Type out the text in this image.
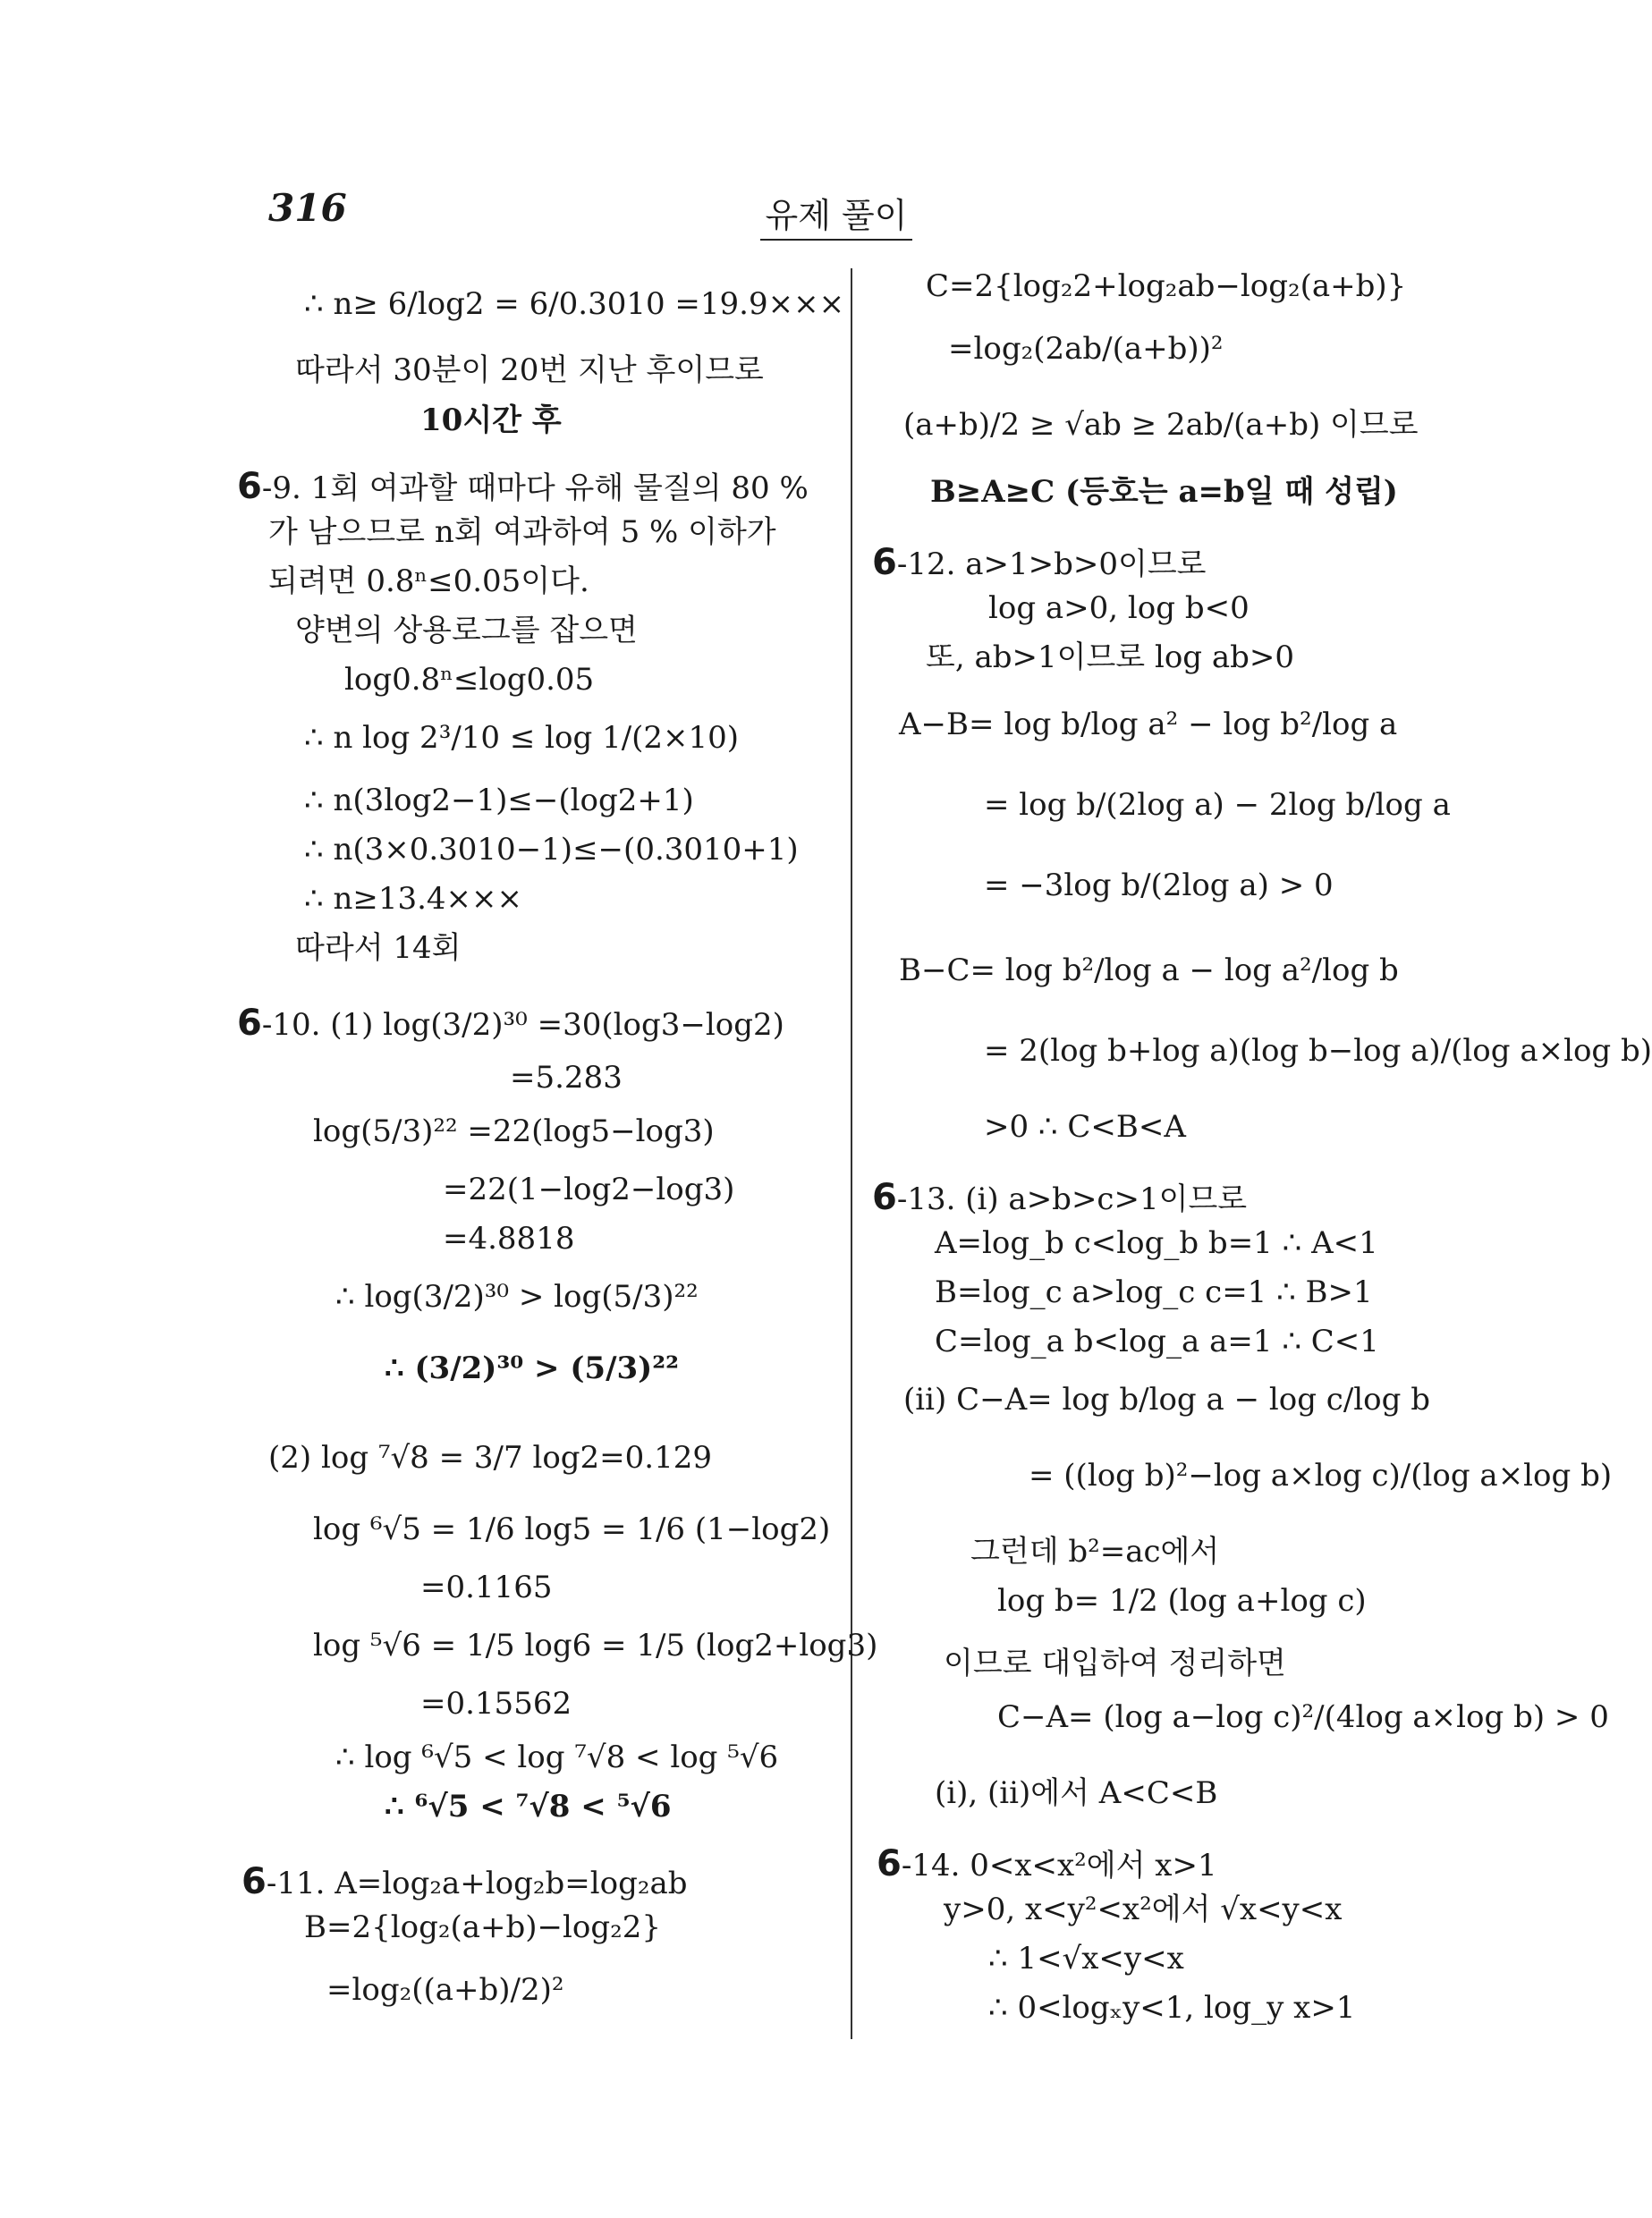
316	유제 풀이
∴ n≥ 6/log2 = 6/0.3010 =19.9×××
따라서 30분이 20번 지난 후이므로
10시간 후
6-9. 1회 여과할 때마다 유해 물질의 80 %
가 남으므로 n회 여과하여 5 % 이하가
되려면 0.8ⁿ≤0.05이다.
양변의 상용로그를 잡으면
log0.8ⁿ≤log0.05
∴ n log 2³/10 ≤ log 1/(2×10)
∴ n(3log2−1)≤−(log2+1)
∴ n(3×0.3010−1)≤−(0.3010+1)
∴ n≥13.4×××
따라서 14회
6-10. (1) log(3/2)³⁰ =30(log3−log2)
=5.283
log(5/3)²² =22(log5−log3)
=22(1−log2−log3)
=4.8818
∴ log(3/2)³⁰ > log(5/3)²²
∴ (3/2)³⁰ > (5/3)²²
(2) log ⁷√8 = 3/7 log2=0.129
log ⁶√5 = 1/6 log5 = 1/6 (1−log2)
=0.1165
log ⁵√6 = 1/5 log6 = 1/5 (log2+log3)
=0.15562
∴ log ⁶√5 < log ⁷√8 < log ⁵√6
∴ ⁶√5 < ⁷√8 < ⁵√6
6-11. A=log₂a+log₂b=log₂ab
B=2{log₂(a+b)−log₂2}
=log₂((a+b)/2)²
C=2{log₂2+log₂ab−log₂(a+b)}
=log₂(2ab/(a+b))²
(a+b)/2 ≥ √ab ≥ 2ab/(a+b) 이므로
B≥A≥C (등호는 a=b일 때 성립)
6-12. a>1>b>0이므로
log a>0, log b<0
또, ab>1이므로 log ab>0
A−B= log b/log a² − log b²/log a
= log b/(2log a) − 2log b/log a
= −3log b/(2log a) > 0
B−C= log b²/log a − log a²/log b
= 2(log b+log a)(log b−log a)/(log a×log b)
>0 ∴ C<B<A
6-13. (i) a>b>c>1이므로
A=log_b c<log_b b=1 ∴ A<1
B=log_c a>log_c c=1 ∴ B>1
C=log_a b<log_a a=1 ∴ C<1
(ii) C−A= log b/log a − log c/log b
= ((log b)²−log a×log c)/(log a×log b)
그런데 b²=ac에서
log b= 1/2 (log a+log c)
이므로 대입하여 정리하면
C−A= (log a−log c)²/(4log a×log b) > 0
(i), (ii)에서 A<C<B
6-14. 0<x<x²에서 x>1
y>0, x<y²<x²에서 √x<y<x
∴ 1<√x<y<x
∴ 0<logₓy<1, log_y x>1
